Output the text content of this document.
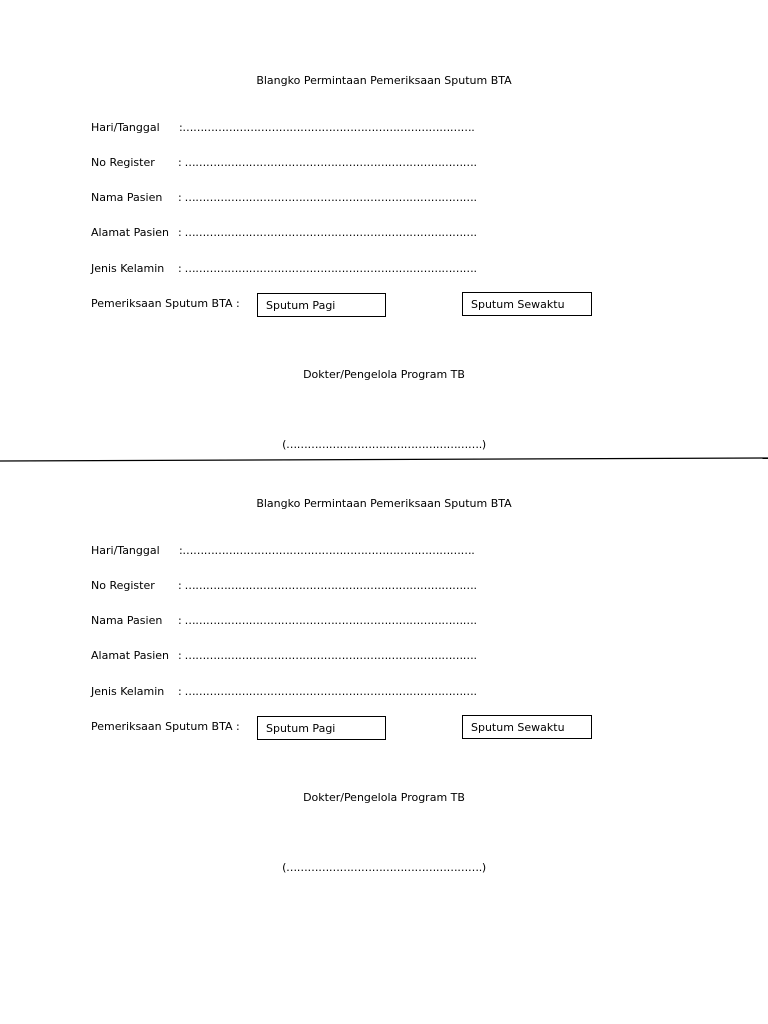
Blangko Permintaan Pemeriksaan Sputum BTA
Hari/Tanggal :……………………………………………………………………….
No Register : ……………………………………………………………………….
Nama Pasien : ……………………………………………………………………….
Alamat Pasien : ……………………………………………………………………….
Jenis Kelamin : ……………………………………………………………………….
Pemeriksaan Sputum BTA :	Sputum Pagi	Sputum Sewaktu
Dokter/Pengelola Program TB
(……………………………………………….)
Blangko Permintaan Pemeriksaan Sputum BTA
Hari/Tanggal :……………………………………………………………………….
No Register : ……………………………………………………………………….
Nama Pasien : ……………………………………………………………………….
Alamat Pasien : ……………………………………………………………………….
Jenis Kelamin : ……………………………………………………………………….
Pemeriksaan Sputum BTA :	Sputum Pagi	Sputum Sewaktu
Dokter/Pengelola Program TB
(……………………………………………….)
